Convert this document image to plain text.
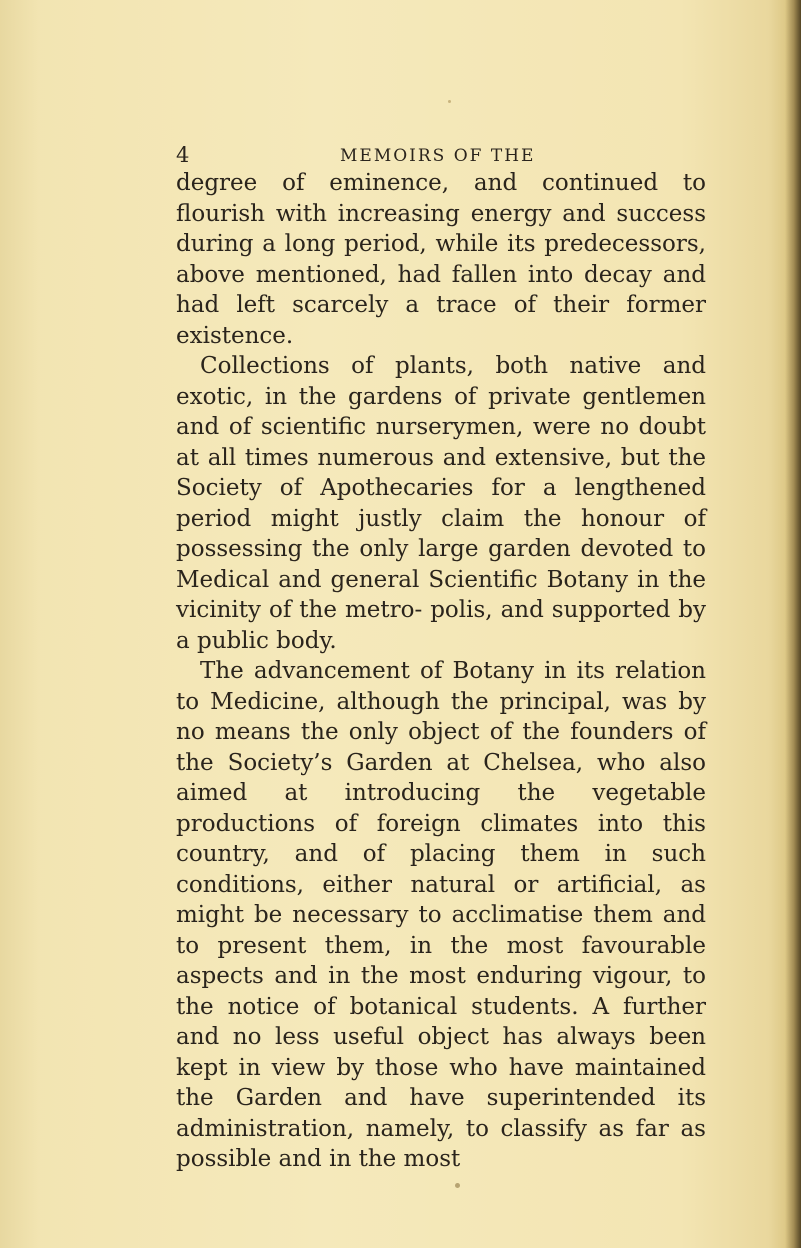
4	MEMOIRS OF THE

degree of eminence, and continued to flourish with increasing energy and success during a long period, while its predecessors, above mentioned, had fallen into decay and had left scarcely a trace of their former existence.

Collections of plants, both native and exotic, in the gardens of private gentlemen and of scientific nurserymen, were no doubt at all times numerous and extensive, but the Society of Apothecaries for a lengthened period might justly claim the honour of possessing the only large garden devoted to Medical and general Scientific Botany in the vicinity of the metro- polis, and supported by a public body.

The advancement of Botany in its relation to Medicine, although the principal, was by no means the only object of the founders of the Society’s Garden at Chelsea, who also aimed at introducing the vegetable productions of foreign climates into this country, and of placing them in such conditions, either natural or artificial, as might be necessary to acclimatise them and to present them, in the most favourable aspects and in the most enduring vigour, to the notice of botanical students. A further and no less useful object has always been kept in view by those who have maintained the Garden and have superintended its administration, namely, to classify as far as possible and in the most
